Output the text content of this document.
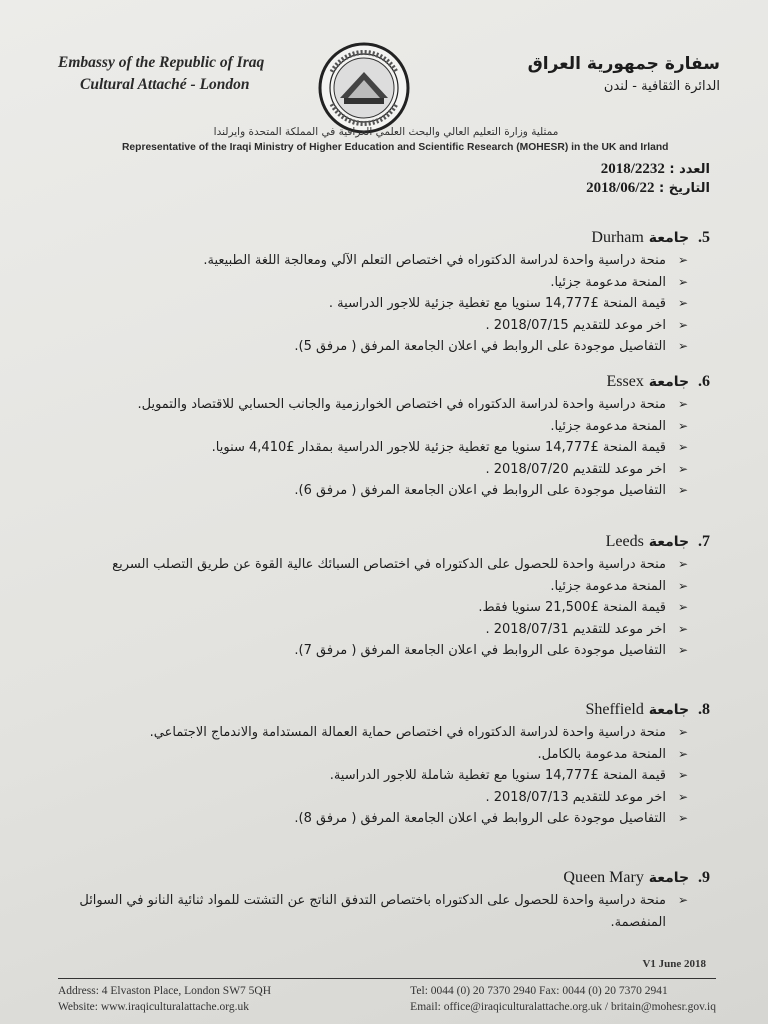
Embassy of the Republic of Iraq
Cultural Attaché - London
سفارة جمهورية العراق
الدائرة الثقافية - لندن
ممثلية وزارة التعليم العالي والبحث العلمي العراقية في المملكة المتحدة وايرلندا
Representative of the Iraqi Ministry of Higher Education and Scientific Research (MOHESR) in the UK and Irland
العدد : 2018/2232
التاريخ : 2018/06/22
5. جامعة Durham
➢ منحة دراسية واحدة لدراسة الدكتوراه في اختصاص التعلم الآلي ومعالجة اللغة الطبيعية.
➢ المنحة مدعومة جزئيا.
➢ قيمة المنحة £14,777 سنويا مع تغطية جزئية للاجور الدراسية .
➢ اخر موعد للتقديم 2018/07/15 .
➢ التفاصيل موجودة على الروابط في اعلان الجامعة المرفق ( مرفق 5).
6. جامعة Essex
➢ منحة دراسية واحدة لدراسة الدكتوراه في اختصاص الخوارزمية والجانب الحسابي للاقتصاد والتمويل.
➢ المنحة مدعومة جزئيا.
➢ قيمة المنحة £14,777 سنويا مع تغطية جزئية للاجور الدراسية بمقدار £4,410 سنويا.
➢ اخر موعد للتقديم 2018/07/20 .
➢ التفاصيل موجودة على الروابط في اعلان الجامعة المرفق ( مرفق 6).
7. جامعة Leeds
➢ منحة دراسية واحدة للحصول على الدكتوراه في اختصاص السبائك عالية القوة عن طريق التصلب السريع
➢ المنحة مدعومة جزئيا.
➢ قيمة المنحة £21,500 سنويا فقط.
➢ اخر موعد للتقديم 2018/07/31 .
➢ التفاصيل موجودة على الروابط في اعلان الجامعة المرفق ( مرفق 7).
8. جامعة Sheffield
➢ منحة دراسية واحدة لدراسة الدكتوراه في اختصاص حماية العمالة المستدامة والاندماج الاجتماعي.
➢ المنحة مدعومة بالكامل.
➢ قيمة المنحة £14,777 سنويا مع تغطية شاملة للاجور الدراسية.
➢ اخر موعد للتقديم 2018/07/13 .
➢ التفاصيل موجودة على الروابط في اعلان الجامعة المرفق ( مرفق 8).
9. جامعة Queen Mary
➢ منحة دراسية واحدة للحصول على الدكتوراه باختصاص التدفق الناتج عن التشتت للمواد ثنائية النانو في السوائل المنفصمة.
V1 June 2018
Address: 4 Elvaston Place, London SW7 5QH
Website: www.iraqiculturalattache.org.uk
Tel: 0044 (0) 20 7370 2940 Fax: 0044 (0) 20 7370 2941
Email: office@iraqiculturalattache.org.uk / britain@mohesr.gov.iq
